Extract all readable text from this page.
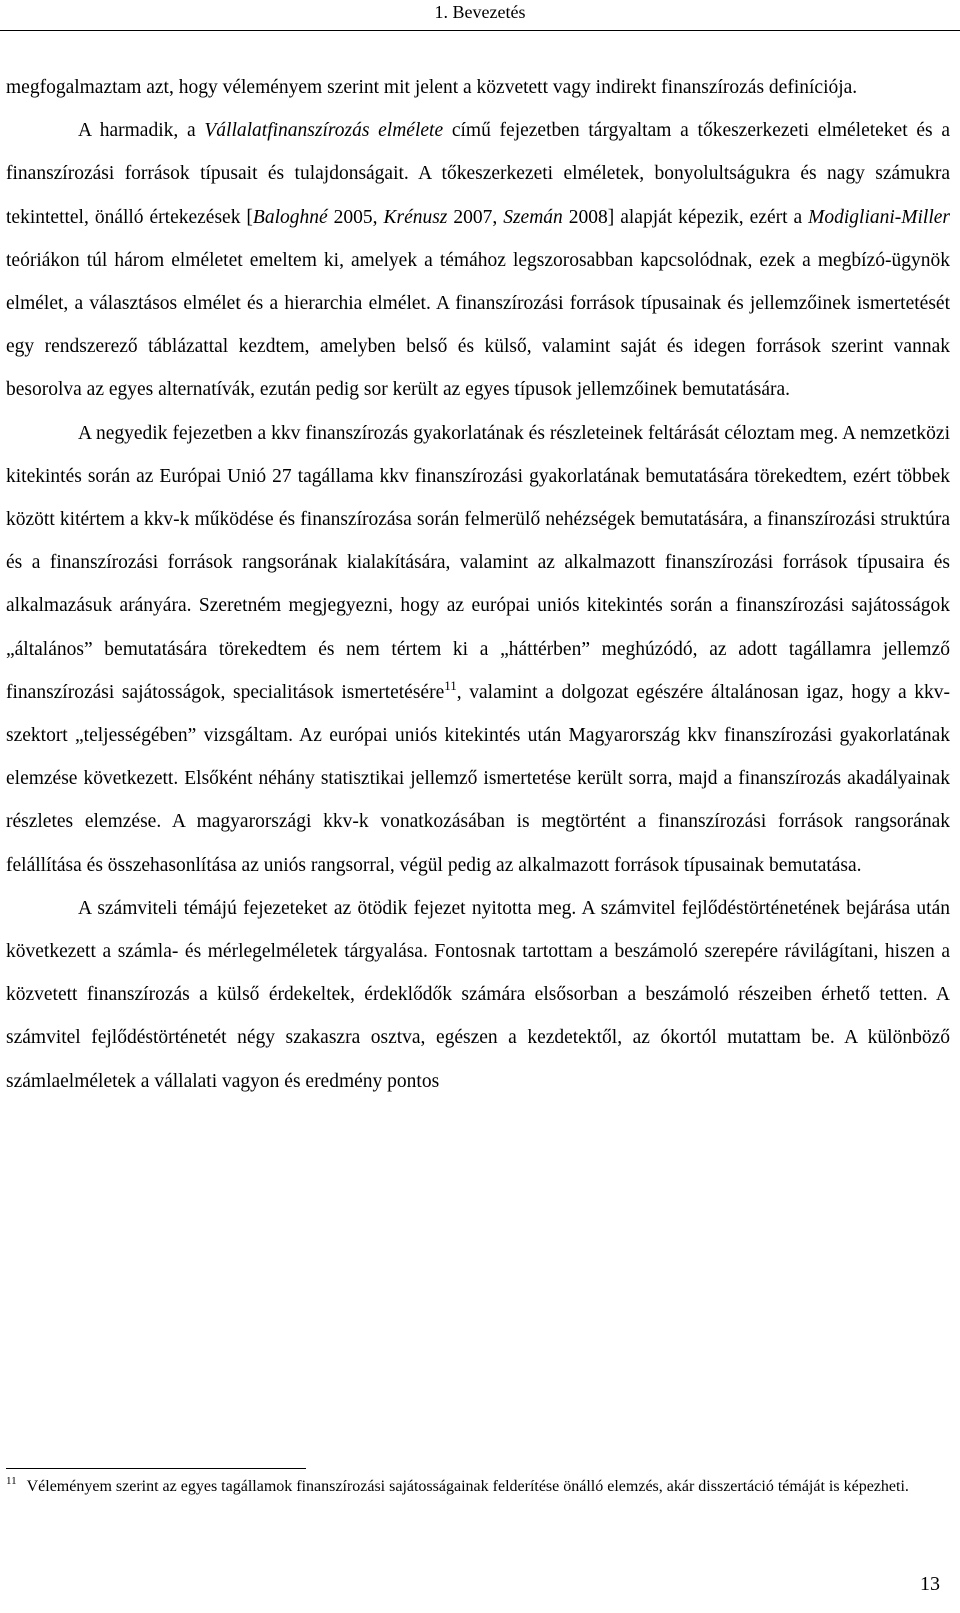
1. Bevezetés

megfogalmaztam azt, hogy véleményem szerint mit jelent a közvetett vagy indirekt finanszírozás definíciója.

A harmadik, a Vállalatfinanszírozás elmélete című fejezetben tárgyaltam a tőkeszerkezeti elméleteket és a finanszírozási források típusait és tulajdonságait. A tőkeszerkezeti elméletek, bonyolultságukra és nagy számukra tekintettel, önálló értekezések [Baloghné 2005, Krénusz 2007, Szemán 2008] alapját képezik, ezért a Modigliani-Miller teóriákon túl három elméletet emeltem ki, amelyek a témához legszorosabban kapcsolódnak, ezek a megbízó-ügynök elmélet, a választásos elmélet és a hierarchia elmélet. A finanszírozási források típusainak és jellemzőinek ismertetését egy rendszerező táblázattal kezdtem, amelyben belső és külső, valamint saját és idegen források szerint vannak besorolva az egyes alternatívák, ezután pedig sor került az egyes típusok jellemzőinek bemutatására.

A negyedik fejezetben a kkv finanszírozás gyakorlatának és részleteinek feltárását céloztam meg. A nemzetközi kitekintés során az Európai Unió 27 tagállama kkv finanszírozási gyakorlatának bemutatására törekedtem, ezért többek között kitértem a kkv-k működése és finanszírozása során felmerülő nehézségek bemutatására, a finanszírozási struktúra és a finanszírozási források rangsorának kialakítására, valamint az alkalmazott finanszírozási források típusaira és alkalmazásuk arányára. Szeretném megjegyezni, hogy az európai uniós kitekintés során a finanszírozási sajátosságok „általános” bemutatására törekedtem és nem tértem ki a „háttérben” meghúzódó, az adott tagállamra jellemző finanszírozási sajátosságok, specialitások ismertetésére$^{11}$, valamint a dolgozat egészére általánosan igaz, hogy a kkv-szektort „teljességében” vizsgáltam. Az európai uniós kitekintés után Magyarország kkv finanszírozási gyakorlatának elemzése következett. Elsőként néhány statisztikai jellemző ismertetése került sorra, majd a finanszírozás akadályainak részletes elemzése. A magyarországi kkv-k vonatkozásában is megtörtént a finanszírozási források rangsorának felállítása és összehasonlítása az uniós rangsorral, végül pedig az alkalmazott források típusainak bemutatása.

A számviteli témájú fejezeteket az ötödik fejezet nyitotta meg. A számvitel fejlődéstörténetének bejárása után következett a számla- és mérlegelméletek tárgyalása. Fontosnak tartottam a beszámoló szerepére rávilágítani, hiszen a közvetett finanszírozás a külső érdekeltek, érdeklődők számára elsősorban a beszámoló részeiben érhető tetten. A számvitel fejlődéstörténetét négy szakaszra osztva, egészen a kezdetektől, az ókortól mutattam be. A különböző számlaelméletek a vállalati vagyon és eredmény pontos

$^{11}$ Véleményem szerint az egyes tagállamok finanszírozási sajátosságainak felderítése önálló elemzés, akár disszertáció témáját is képezheti.
13
